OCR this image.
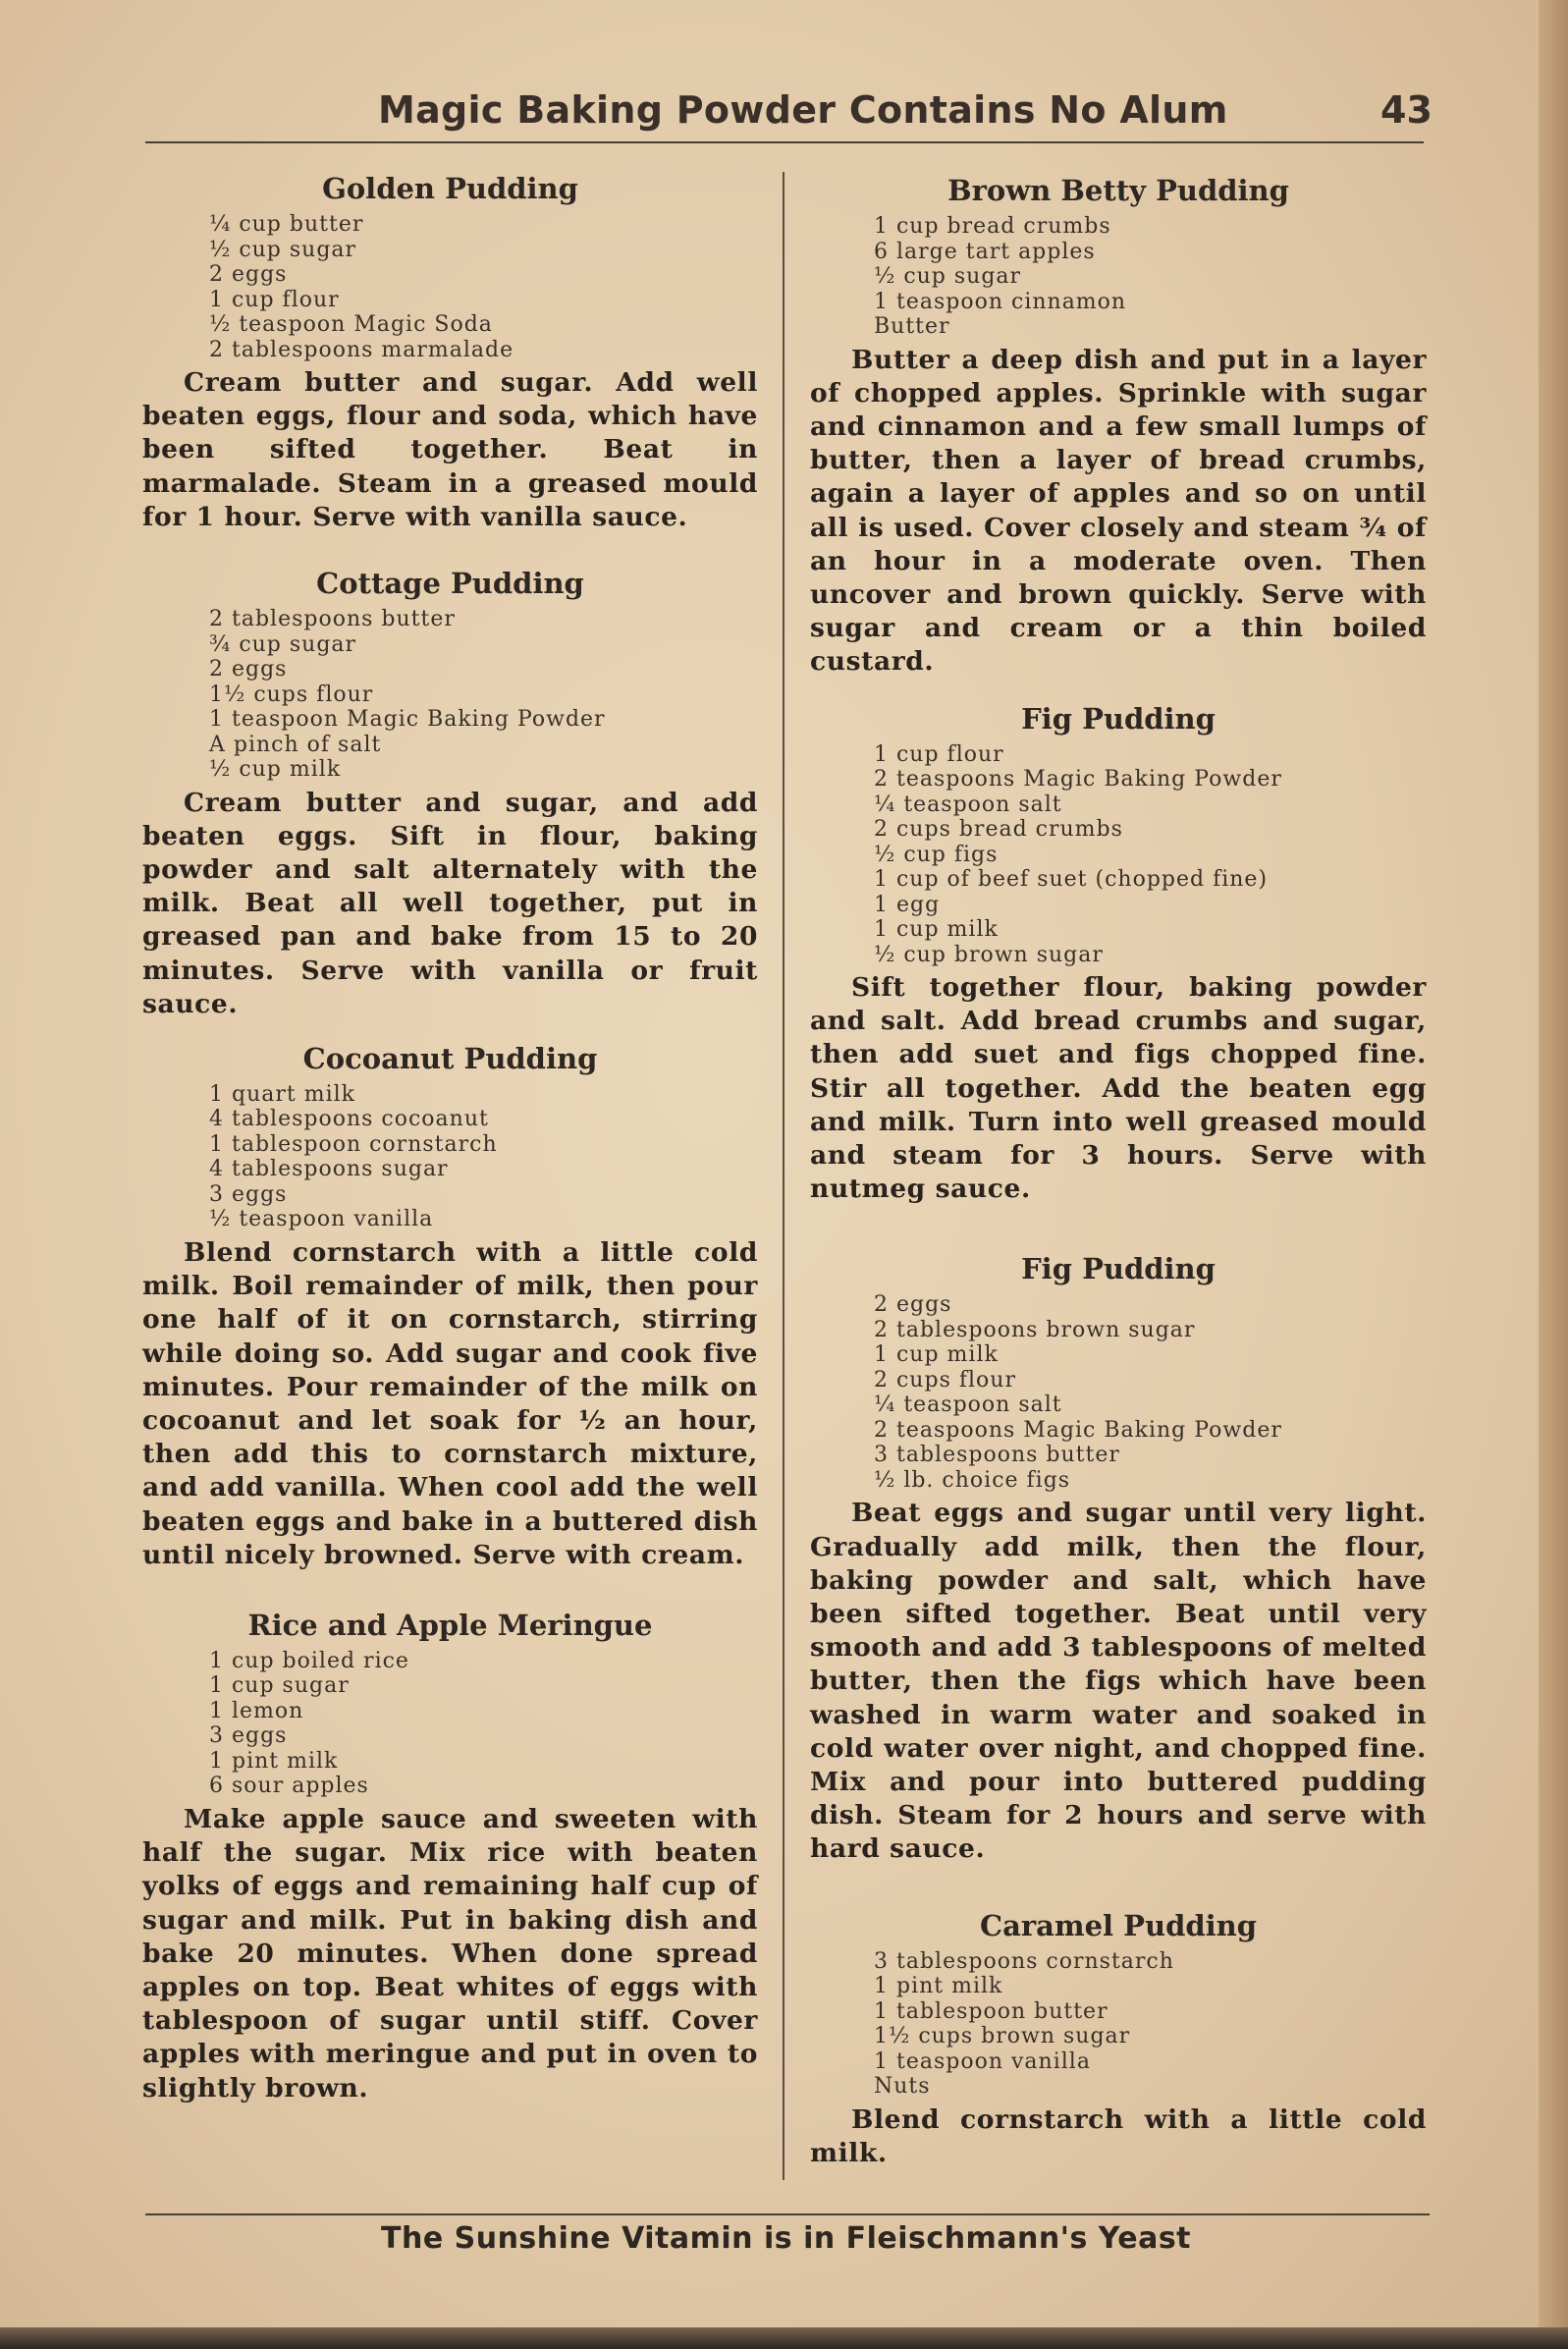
Magic Baking Powder Contains No Alum	43
Golden Pudding
¼ cup butter
½ cup sugar
2 eggs
1 cup flour
½ teaspoon Magic Soda
2 tablespoons marmalade

Cream butter and sugar. Add well beaten eggs, flour and soda, which have been sifted together. Beat in marmalade. Steam in a greased mould for 1 hour. Serve with vanilla sauce.

Cottage Pudding
2 tablespoons butter
¾ cup sugar
2 eggs
1½ cups flour
1 teaspoon Magic Baking Powder
A pinch of salt
½ cup milk

Cream butter and sugar, and add beaten eggs. Sift in flour, baking powder and salt alternately with the milk. Beat all well together, put in greased pan and bake from 15 to 20 minutes. Serve with vanilla or fruit sauce.

Cocoanut Pudding
1 quart milk
4 tablespoons cocoanut
1 tablespoon cornstarch
4 tablespoons sugar
3 eggs
½ teaspoon vanilla

Blend cornstarch with a little cold milk. Boil remainder of milk, then pour one half of it on cornstarch, stirring while doing so. Add sugar and cook five minutes. Pour remainder of the milk on cocoanut and let soak for ½ an hour, then add this to cornstarch mixture, and add vanilla. When cool add the well beaten eggs and bake in a buttered dish until nicely browned. Serve with cream.

Rice and Apple Meringue
1 cup boiled rice
1 cup sugar
1 lemon
3 eggs
1 pint milk
6 sour apples

Make apple sauce and sweeten with half the sugar. Mix rice with beaten yolks of eggs and remaining half cup of sugar and milk. Put in baking dish and bake 20 minutes. When done spread apples on top. Beat whites of eggs with tablespoon of sugar until stiff. Cover apples with meringue and put in oven to slightly brown.

Brown Betty Pudding
1 cup bread crumbs
6 large tart apples
½ cup sugar
1 teaspoon cinnamon
Butter

Butter a deep dish and put in a layer of chopped apples. Sprinkle with sugar and cinnamon and a few small lumps of butter, then a layer of bread crumbs, again a layer of apples and so on until all is used. Cover closely and steam ¾ of an hour in a moderate oven. Then uncover and brown quickly. Serve with sugar and cream or a thin boiled custard.

Fig Pudding
1 cup flour
2 teaspoons Magic Baking Powder
¼ teaspoon salt
2 cups bread crumbs
½ cup figs
1 cup of beef suet (chopped fine)
1 egg
1 cup milk
½ cup brown sugar

Sift together flour, baking powder and salt. Add bread crumbs and sugar, then add suet and figs chopped fine. Stir all together. Add the beaten egg and milk. Turn into well greased mould and steam for 3 hours. Serve with nutmeg sauce.

Fig Pudding
2 eggs
2 tablespoons brown sugar
1 cup milk
2 cups flour
¼ teaspoon salt
2 teaspoons Magic Baking Powder
3 tablespoons butter
½ lb. choice figs

Beat eggs and sugar until very light. Gradually add milk, then the flour, baking powder and salt, which have been sifted together. Beat until very smooth and add 3 tablespoons of melted butter, then the figs which have been washed in warm water and soaked in cold water over night, and chopped fine. Mix and pour into buttered pudding dish. Steam for 2 hours and serve with hard sauce.

Caramel Pudding
3 tablespoons cornstarch
1 pint milk
1 tablespoon butter
1½ cups brown sugar
1 teaspoon vanilla
Nuts

Blend cornstarch with a little cold milk.

The Sunshine Vitamin is in Fleischmann's Yeast
